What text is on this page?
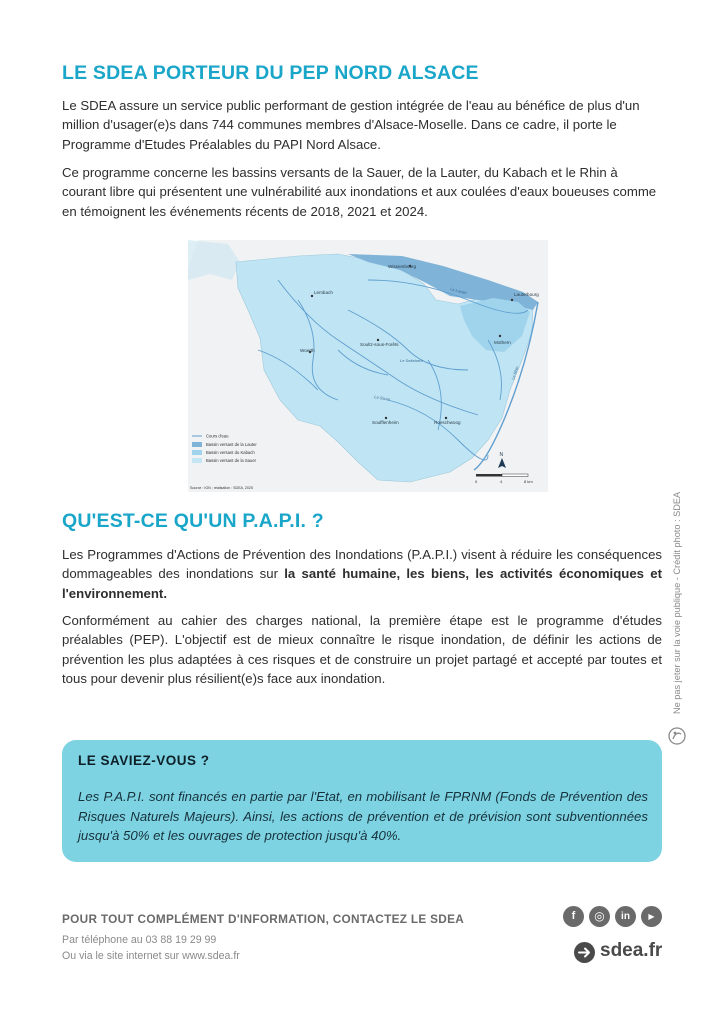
LE SDEA PORTEUR DU PEP NORD ALSACE

Le SDEA assure un service public performant de gestion intégrée de l'eau au bénéfice de plus d'un million d'usager(e)s dans 744 communes membres d'Alsace-Moselle. Dans ce cadre, il porte le Programme d'Etudes Préalables du PAPI Nord Alsace.

Ce programme concerne les bassins versants de la Sauer, de la Lauter, du Kabach et le Rhin à courant libre qui présentent une vulnérabilité aux inondations et aux coulées d'eaux boueuses comme en témoignent les événements récents de 2018, 2021 et 2024.

Wissembourg
Lembach	Lauterbourg
Mothern
Woerth
Soultz-sous-Forêts
Soufflenheim	Roeschwoog
La Lauter
La Sauer
Le Seltzbach
Le Rhin
Cours d'eau
Bassin versant de la Lauter
Bassin versant du Kabach
Bassin versant de la Sauer
Source : IGN ; réalisation : SDEA, 2025
0	4	8 km
N
QU'EST-CE QU'UN P.A.P.I. ?

Les Programmes d'Actions de Prévention des Inondations (P.A.P.I.) visent à réduire les conséquences dommageables des inondations sur la santé humaine, les biens, les activités économiques et l'environnement.

Conformément au cahier des charges national, la première étape est le programme d'études préalables (PEP). L'objectif est de mieux connaître le risque inondation, de définir les actions de prévention les plus adaptées à ces risques et de construire un projet partagé et accepté par toutes et tous pour devenir plus résilient(e)s face aux inondation.

LE SAVIEZ-VOUS ?

Les P.A.P.I. sont financés en partie par l'Etat, en mobilisant le FPRNM (Fonds de Prévention des Risques Naturels Majeurs). Ainsi, les actions de prévention et de prévision sont subventionnées jusqu'à 50% et les ouvrages de protection jusqu'à 40%.

Ne pas jeter sur la voie publique - Crédit photo : SDEA

POUR TOUT COMPLÉMENT D'INFORMATION, CONTACTEZ LE SDEA

Par téléphone au 03 88 19 29 99

Ou via le site internet sur www.sdea.fr

f	◎	in	▶
sdea.fr
